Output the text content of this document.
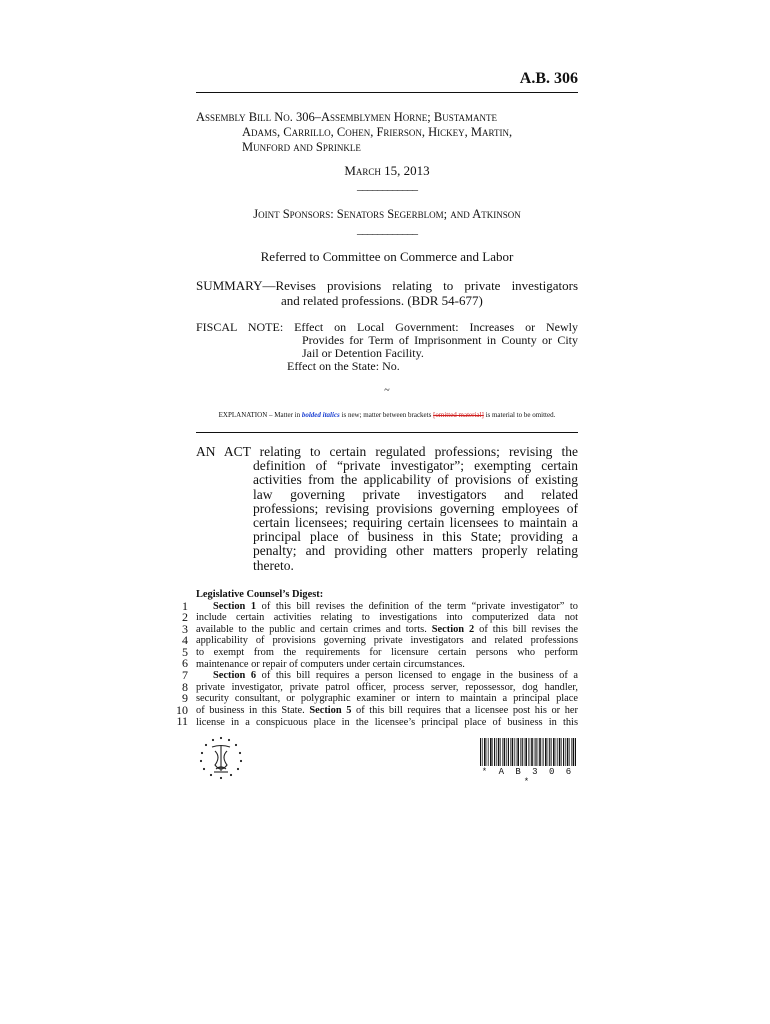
A.B. 306
Assembly Bill No. 306–Assemblymen Horne; Bustamante
Adams, Carrillo, Cohen, Frierson, Hickey, Martin,
Munford and Sprinkle
March 15, 2013
____________
Joint Sponsors: Senators Segerblom; and Atkinson
____________
Referred to Committee on Commerce and Labor
SUMMARY—Revises provisions relating to private investigators
and related professions. (BDR 54-677)
FISCAL NOTE: Effect on Local Government: Increases or Newly
Provides for Term of Imprisonment in County or City
Jail or Detention Facility.
Effect on the State: No.
~
EXPLANATION – Matter in bolded italics is new; matter between brackets [omitted material] is material to be omitted.
AN ACT relating to certain regulated professions; revising the
definition of “private investigator”; exempting certain
activities from the applicability of provisions of existing
law governing private investigators and related
professions; revising provisions governing employees of
certain licensees; requiring certain licensees to maintain a
principal place of business in this State; providing a
penalty; and providing other matters properly relating
thereto.
Legislative Counsel’s Digest:
Section 1 of this bill revises the definition of the term “private investigator” to
include certain activities relating to investigations into computerized data not
available to the public and certain crimes and torts. Section 2 of this bill revises the
applicability of provisions governing private investigators and related professions
to exempt from the requirements for licensure certain persons who perform
maintenance or repair of computers under certain circumstances.
Section 6 of this bill requires a person licensed to engage in the business of a
private investigator, private patrol officer, process server, repossessor, dog handler,
security consultant, or polygraphic examiner or intern to maintain a principal place
of business in this State. Section 5 of this bill requires that a licensee post his or her
license in a conspicuous place in the licensee’s principal place of business in this
1
2
3
4
5
6
7
8
9
10
11
* A B 3 0 6 *
